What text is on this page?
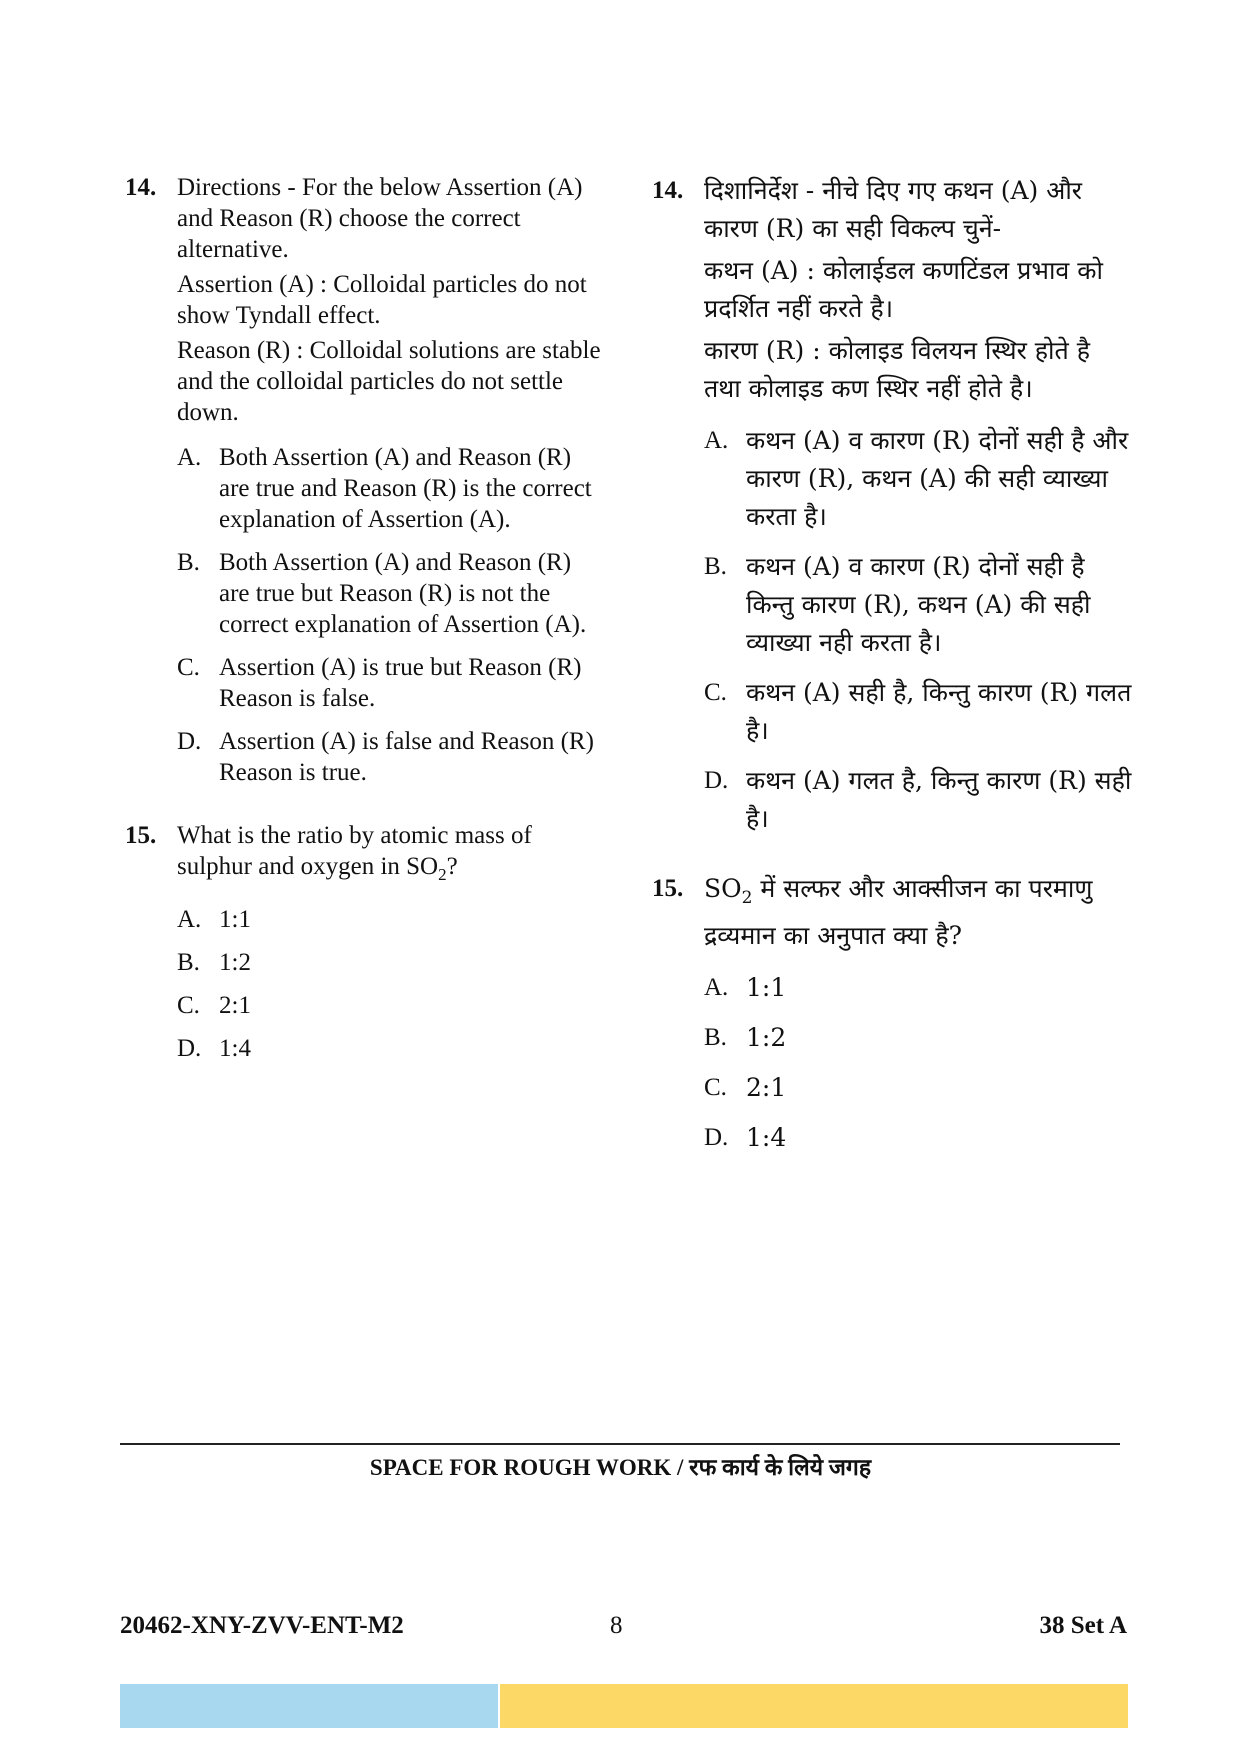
14. Directions - For the below Assertion (A) and Reason (R) choose the correct alternative.

Assertion (A) : Colloidal particles do not show Tyndall effect.

Reason (R) : Colloidal solutions are stable and the colloidal particles do not settle down.

A. Both Assertion (A) and Reason (R) are true and Reason (R) is the correct explanation of Assertion (A).
B. Both Assertion (A) and Reason (R) are true but Reason (R) is not the correct explanation of Assertion (A).
C. Assertion (A) is true but Reason (R) Reason is false.
D. Assertion (A) is false and Reason (R) Reason is true.
15. What is the ratio by atomic mass of sulphur and oxygen in $SO_2$?

A. 1:1
B. 1:2
C. 2:1
D. 1:4
14. दिशानिर्देश - नीचे दिए गए कथन (A) और कारण (R) का सही विकल्प चुनें-

कथन (A) : कोलाईडल कणटिंडल प्रभाव को प्रदर्शित नहीं करते है।

कारण (R) : कोलाइड विलयन स्थिर होते है तथा कोलाइड कण स्थिर नहीं होते है।

A. कथन (A) व कारण (R) दोनों सही है और कारण (R), कथन (A) की सही व्याख्या करता है।
B. कथन (A) व कारण (R) दोनों सही है किन्तु कारण (R), कथन (A) की सही व्याख्या नही करता है।
C. कथन (A) सही है, किन्तु कारण (R) गलत है।
D. कथन (A) गलत है, किन्तु कारण (R) सही है।
15. $SO_2$ में सल्फर और आक्सीजन का परमाणु द्रव्यमान का अनुपात क्या है?

A. 1:1
B. 1:2
C. 2:1
D. 1:4
SPACE FOR ROUGH WORK / रफ कार्य के लिये जगह
20462-XNY-ZVV-ENT-M2	8	38 Set A
